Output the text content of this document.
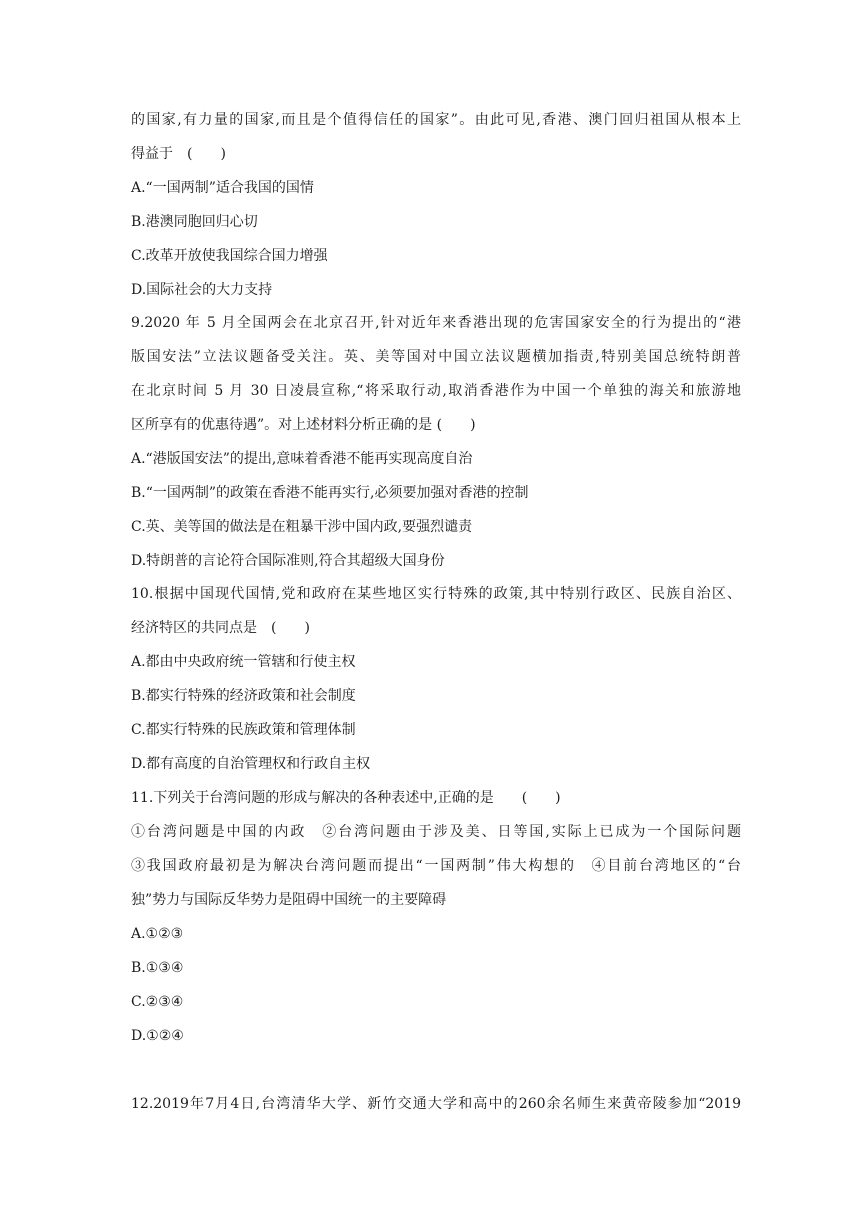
的国家,有力量的国家,而且是个值得信任的国家”。由此可见,香港、澳门回归祖国从根本上
得益于　(　　)
A.“一国两制”适合我国的国情
B.港澳同胞回归心切
C.改革开放使我国综合国力增强
D.国际社会的大力支持
9.2020 年 5 月全国两会在北京召开,针对近年来香港出现的危害国家安全的行为提出的“港
版国安法”立法议题备受关注。英、美等国对中国立法议题横加指责,特别美国总统特朗普
在北京时间 5 月 30 日凌晨宣称,“将采取行动,取消香港作为中国一个单独的海关和旅游地
区所享有的优惠待遇”。对上述材料分析正确的是 (　　)
A.“港版国安法”的提出,意味着香港不能再实现高度自治
B.“一国两制”的政策在香港不能再实行,必须要加强对香港的控制
C.英、美等国的做法是在粗暴干涉中国内政,要强烈谴责
D.特朗普的言论符合国际准则,符合其超级大国身份
10.根据中国现代国情,党和政府在某些地区实行特殊的政策,其中特别行政区、民族自治区、
经济特区的共同点是　(　　)
A.都由中央政府统一管辖和行使主权
B.都实行特殊的经济政策和社会制度
C.都实行特殊的民族政策和管理体制
D.都有高度的自治管理权和行政自主权
11.下列关于台湾问题的形成与解决的各种表述中,正确的是　　(　　)
①台湾问题是中国的内政　②台湾问题由于涉及美、日等国,实际上已成为一个国际问题
③我国政府最初是为解决台湾问题而提出“一国两制”伟大构想的　④目前台湾地区的“台
独”势力与国际反华势力是阻碍中国统一的主要障碍
A.①②③
B.①③④
C.②③④
D.①②④
12.2019年7月4日,台湾清华大学、新竹交通大学和高中的260余名师生来黄帝陵参加“2019
